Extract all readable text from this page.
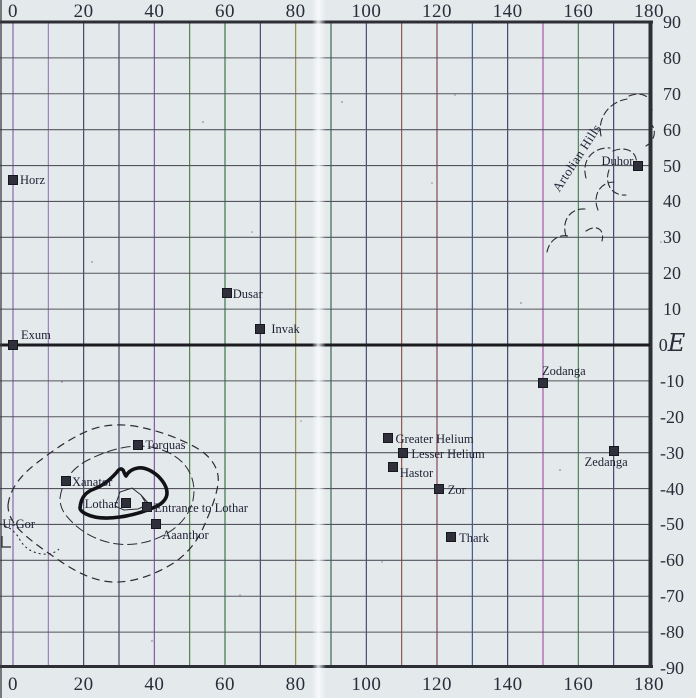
0	20	40	60	80	100 120 140 160 180
0	20	40	60	80	100 120 140 160 180
90
80
70
60
50
40
30
20
10
0E
-10
-20
-30
-40
-50
-60
-70
-80
-90
Artolian Hills
Horz
Exum
Dusar
Invak
Torquas
Xanator
Lothar	Entrance to Lothar
Aaanthor
U-Gor
Greater Helium
Lesser Helium
Hastor
Zor
Thark
Zodanga
Zedanga
Duhor
